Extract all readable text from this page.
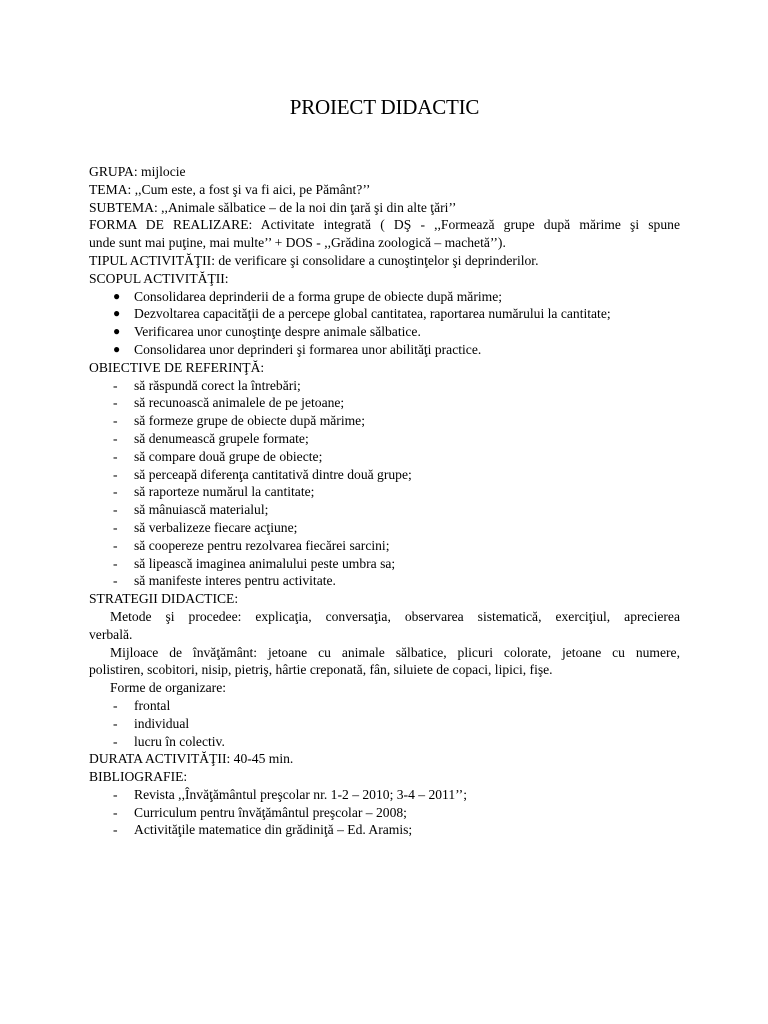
PROIECT DIDACTIC
GRUPA: mijlocie
TEMA: ,,Cum este, a fost şi va fi aici, pe Pământ?’’
SUBTEMA: ,,Animale sălbatice – de la noi din ţară şi din alte ţări’’
FORMA DE REALIZARE: Activitate integrată ( DŞ - ,,Formează grupe după mărime şi spune
unde sunt mai puţine, mai multe’’ + DOS - ,,Grădina zoologică – machetă’’).
TIPUL ACTIVITĂŢII: de verificare şi consolidare a cunoştinţelor şi deprinderilor.
SCOPUL ACTIVITĂŢII:
● Consolidarea deprinderii de a forma grupe de obiecte după mărime;
● Dezvoltarea capacităţii de a percepe global cantitatea, raportarea numărului la cantitate;
● Verificarea unor cunoştinţe despre animale sălbatice.
● Consolidarea unor deprinderi şi formarea unor abilităţi practice.
OBIECTIVE DE REFERINŢĂ:
- să răspundă corect la întrebări;
- să recunoască animalele de pe jetoane;
- să formeze grupe de obiecte după mărime;
- să denumească grupele formate;
- să compare două grupe de obiecte;
- să perceapă diferenţa cantitativă dintre două grupe;
- să raporteze numărul la cantitate;
- să mânuiască materialul;
- să verbalizeze fiecare acţiune;
- să coopereze pentru rezolvarea fiecărei sarcini;
- să lipească imaginea animalului peste umbra sa;
- să manifeste interes pentru activitate.
STRATEGII DIDACTICE:
Metode şi procedee: explicaţia, conversaţia, observarea sistematică, exerciţiul, aprecierea
verbală.
Mijloace de învăţământ: jetoane cu animale sălbatice, plicuri colorate, jetoane cu numere,
polistiren, scobitori, nisip, pietriş, hârtie creponată, fân, siluiete de copaci, lipici, fişe.
Forme de organizare:
- frontal
- individual
- lucru în colectiv.
DURATA ACTIVITĂŢII: 40-45 min.
BIBLIOGRAFIE:
- Revista ,,Învăţământul preşcolar nr. 1-2 – 2010; 3-4 – 2011’’;
- Curriculum pentru învăţământul preşcolar – 2008;
- Activităţile matematice din grădiniţă – Ed. Aramis;
